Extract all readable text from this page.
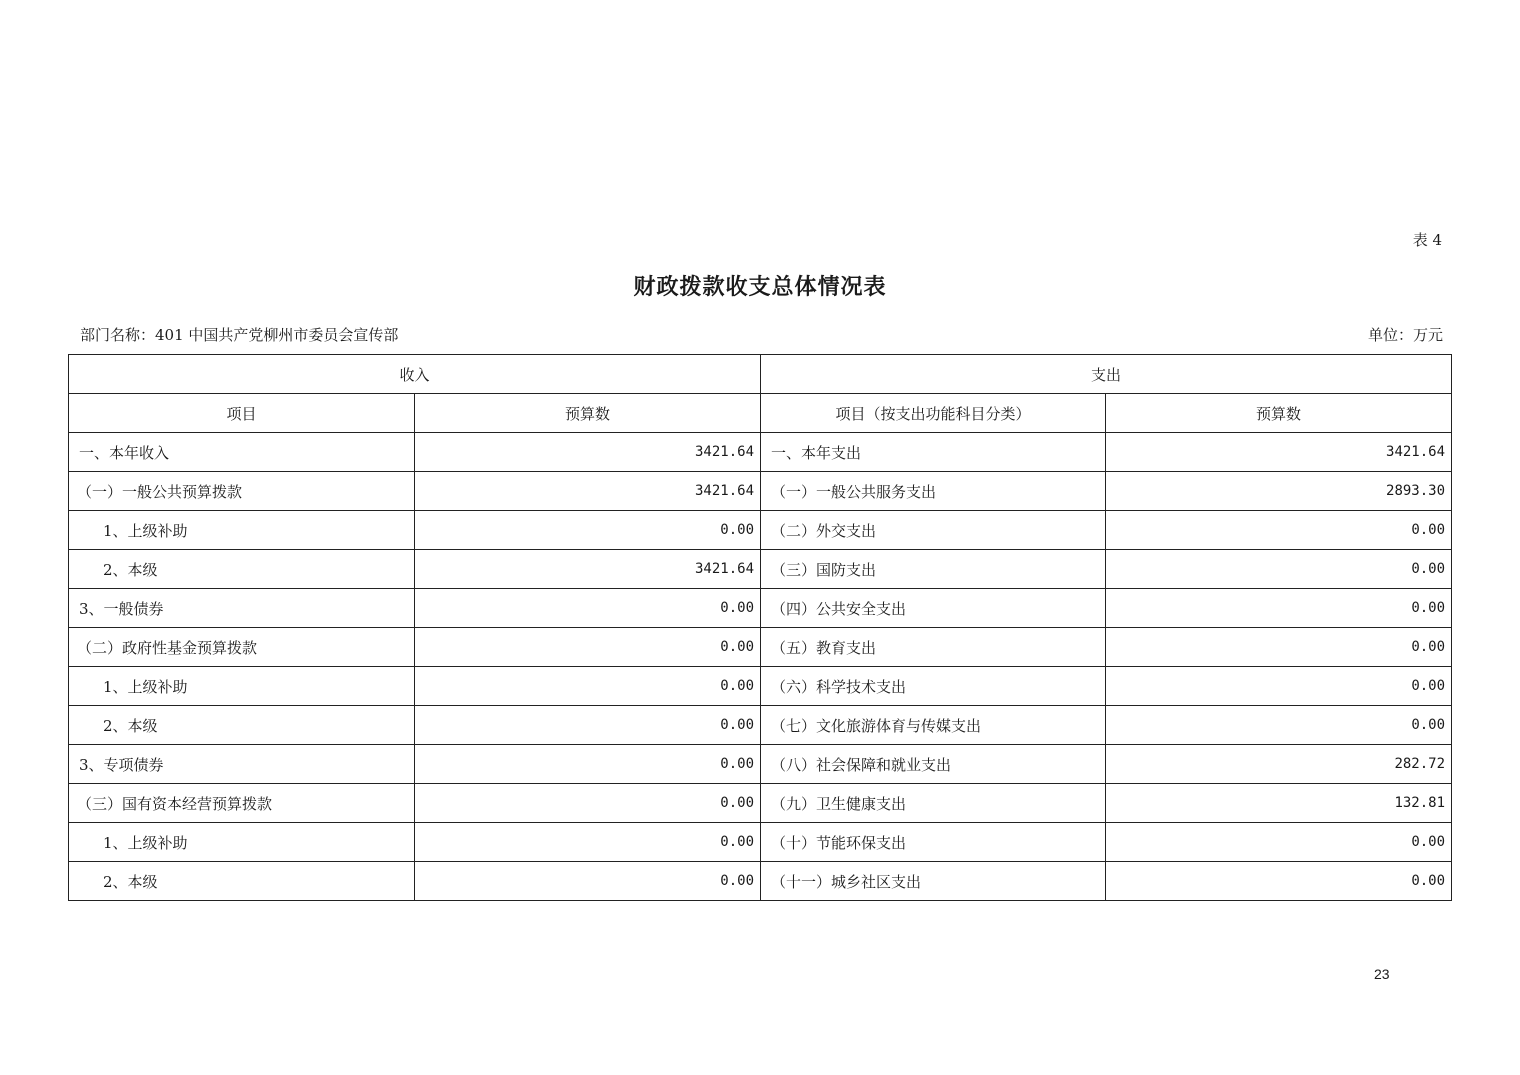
表 4
财政拨款收支总体情况表
部门名称：401 中国共产党柳州市委员会宣传部	单位：万元
收入		支出	
项目	预算数	项目（按支出功能科目分类）	预算数
一、本年收入	3421.64	一、本年支出	3421.64
（一）一般公共预算拨款	3421.64	（一）一般公共服务支出	2893.30
1、上级补助	0.00	（二）外交支出	0.00
2、本级	3421.64	（三）国防支出	0.00
3、一般债券	0.00	（四）公共安全支出	0.00
（二）政府性基金预算拨款	0.00	（五）教育支出	0.00
1、上级补助	0.00	（六）科学技术支出	0.00
2、本级	0.00	（七）文化旅游体育与传媒支出	0.00
3、专项债券	0.00	（八）社会保障和就业支出	282.72
（三）国有资本经营预算拨款	0.00	（九）卫生健康支出	132.81
1、上级补助	0.00	（十）节能环保支出	0.00
2、本级	0.00	（十一）城乡社区支出	0.00
23
